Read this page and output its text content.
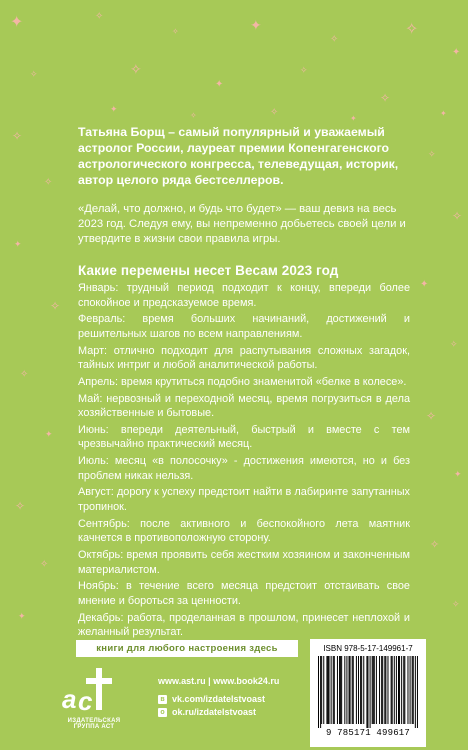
✦	✧
✧	✦
✧
✧
✦
✧	✧
✦
✧
✧
✦
✧
✧
✦
✧
✧
✦
✧
✧
✦
✧
✧
✦
✧
✧
✦
✧
✧
✦
✧	✧
✦

Татьяна Борщ – самый популярный и уважаемый астролог России, лауреат премии Копенгагенского астрологического конгресса, телеведущая, историк, автор целого ряда бестселлеров.

«Делай, что должно, и будь что будет» — ваш девиз на весь 2023 год. Следуя ему, вы непременно добьетесь своей цели и утвердите в жизни свои правила игры.

Какие перемены несет Весам 2023 год

Январь: трудный период подходит к концу, впереди более спокойное и предсказуемое время.

Февраль: время больших начинаний, достижений и решительных шагов по всем направлениям.

Март: отлично подходит для распутывания сложных загадок, тайных интриг и любой аналитической работы.

Апрель: время крутиться подобно знаменитой «белке в колесе».

Май: нервозный и переходной месяц, время погрузиться в дела хозяйственные и бытовые.

Июнь: впереди деятельный, быстрый и вместе с тем чрезвычайно практический месяц.

Июль: месяц «в полосочку» - достижения имеются, но и без проблем никак нельзя.

Август: дорогу к успеху предстоит найти в лабиринте запутанных тропинок.

Сентябрь: после активного и беспокойного лета маятник качнется в противоположную сторону.

Октябрь: время проявить себя жестким хозяином и законченным материалистом.

Ноябрь: в течение всего месяца предстоит отстаивать свое мнение и бороться за ценности.

Декабрь: работа, проделанная в прошлом, принесет неплохой и желанный результат.

книги для любого настроения здесь
а с
ИЗДАТЕЛЬСКАЯ ГРУППА АСТ
www.ast.ru | www.book24.ru
в vk.com/izdatelstvoast
о ok.ru/izdatelstvoast
ISBN 978-5-17-149961-7
9 785171 499617
